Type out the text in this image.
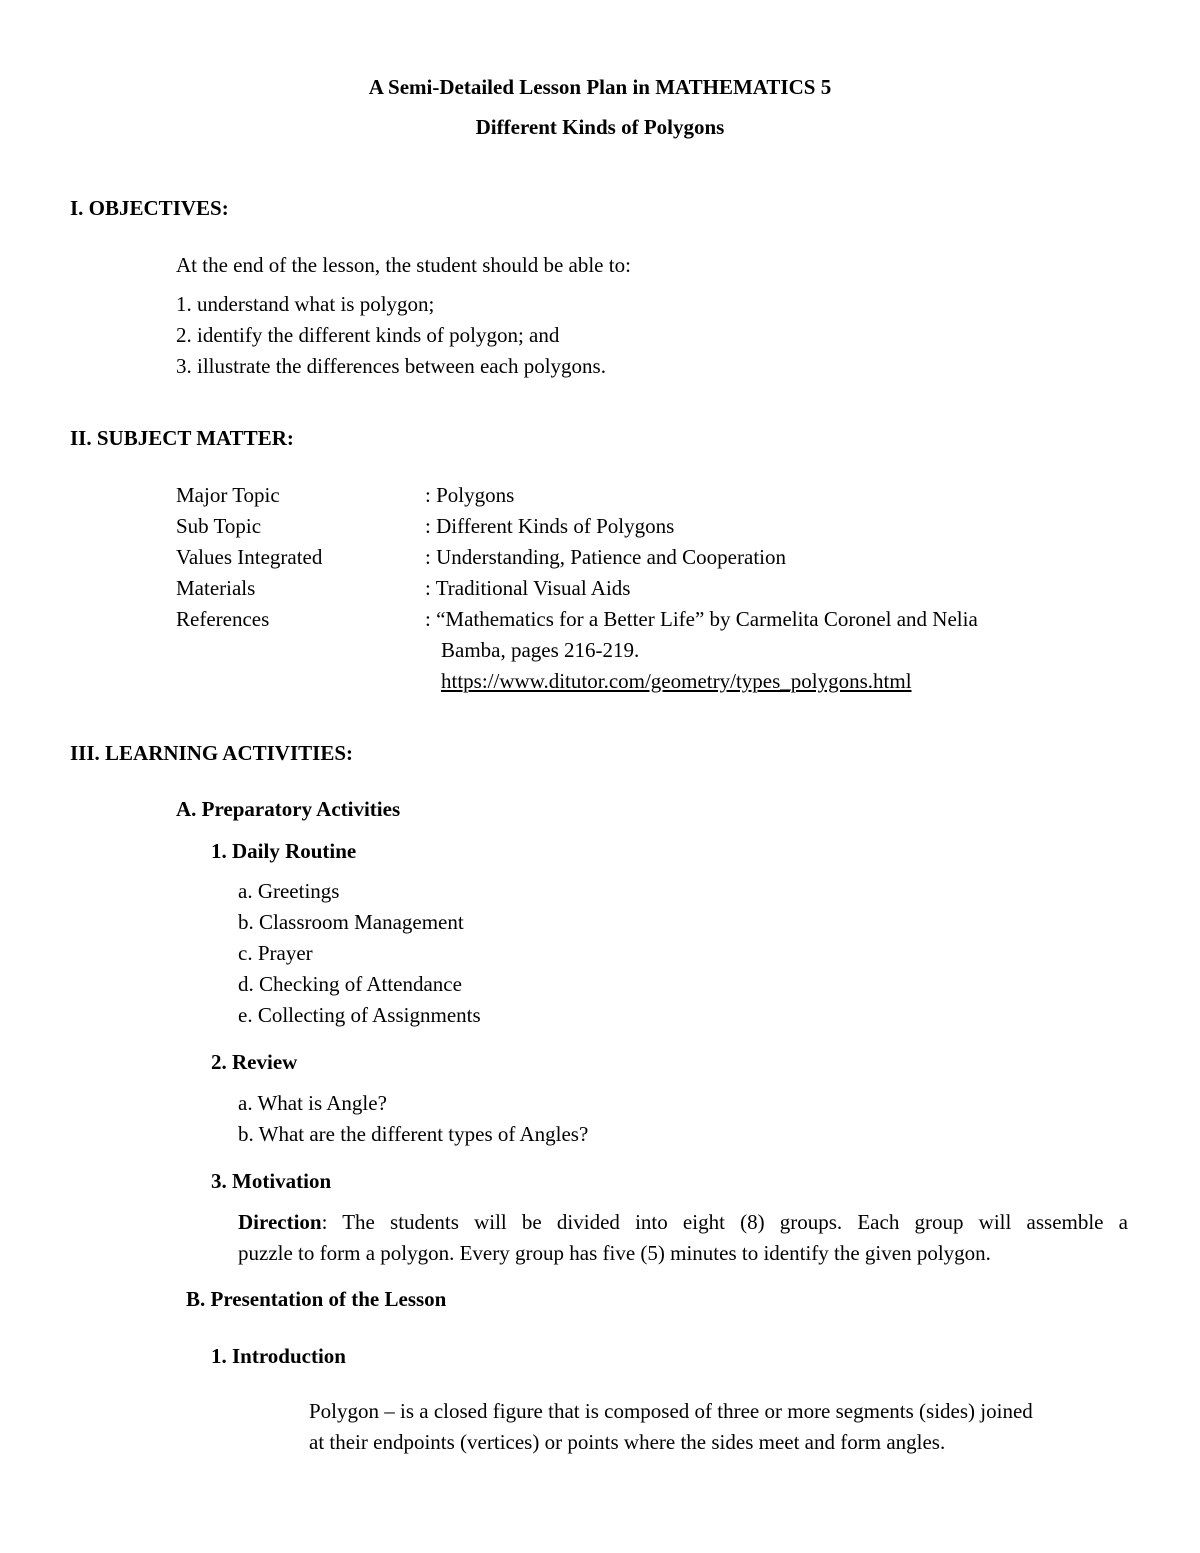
A Semi-Detailed Lesson Plan in MATHEMATICS 5
Different Kinds of Polygons
I. OBJECTIVES:
At the end of the lesson, the student should be able to:
1. understand what is polygon;
2. identify the different kinds of polygon; and
3. illustrate the differences between each polygons.
II. SUBJECT MATTER:
Major Topic	: Polygons
Sub Topic	: Different Kinds of Polygons
Values Integrated	: Understanding, Patience and Cooperation
Materials	: Traditional Visual Aids
References	: “Mathematics for a Better Life” by Carmelita Coronel and Nelia
Bamba, pages 216-219.
https://www.ditutor.com/geometry/types_polygons.html
III. LEARNING ACTIVITIES:
A. Preparatory Activities
1. Daily Routine
a. Greetings
b. Classroom Management
c. Prayer
d. Checking of Attendance
e. Collecting of Assignments
2. Review
a. What is Angle?
b. What are the different types of Angles?
3. Motivation
Direction: The students will be divided into eight (8) groups. Each group will assemble a
puzzle to form a polygon. Every group has five (5) minutes to identify the given polygon.
B. Presentation of the Lesson
1. Introduction
Polygon – is a closed figure that is composed of three or more segments (sides) joined
at their endpoints (vertices) or points where the sides meet and form angles.
